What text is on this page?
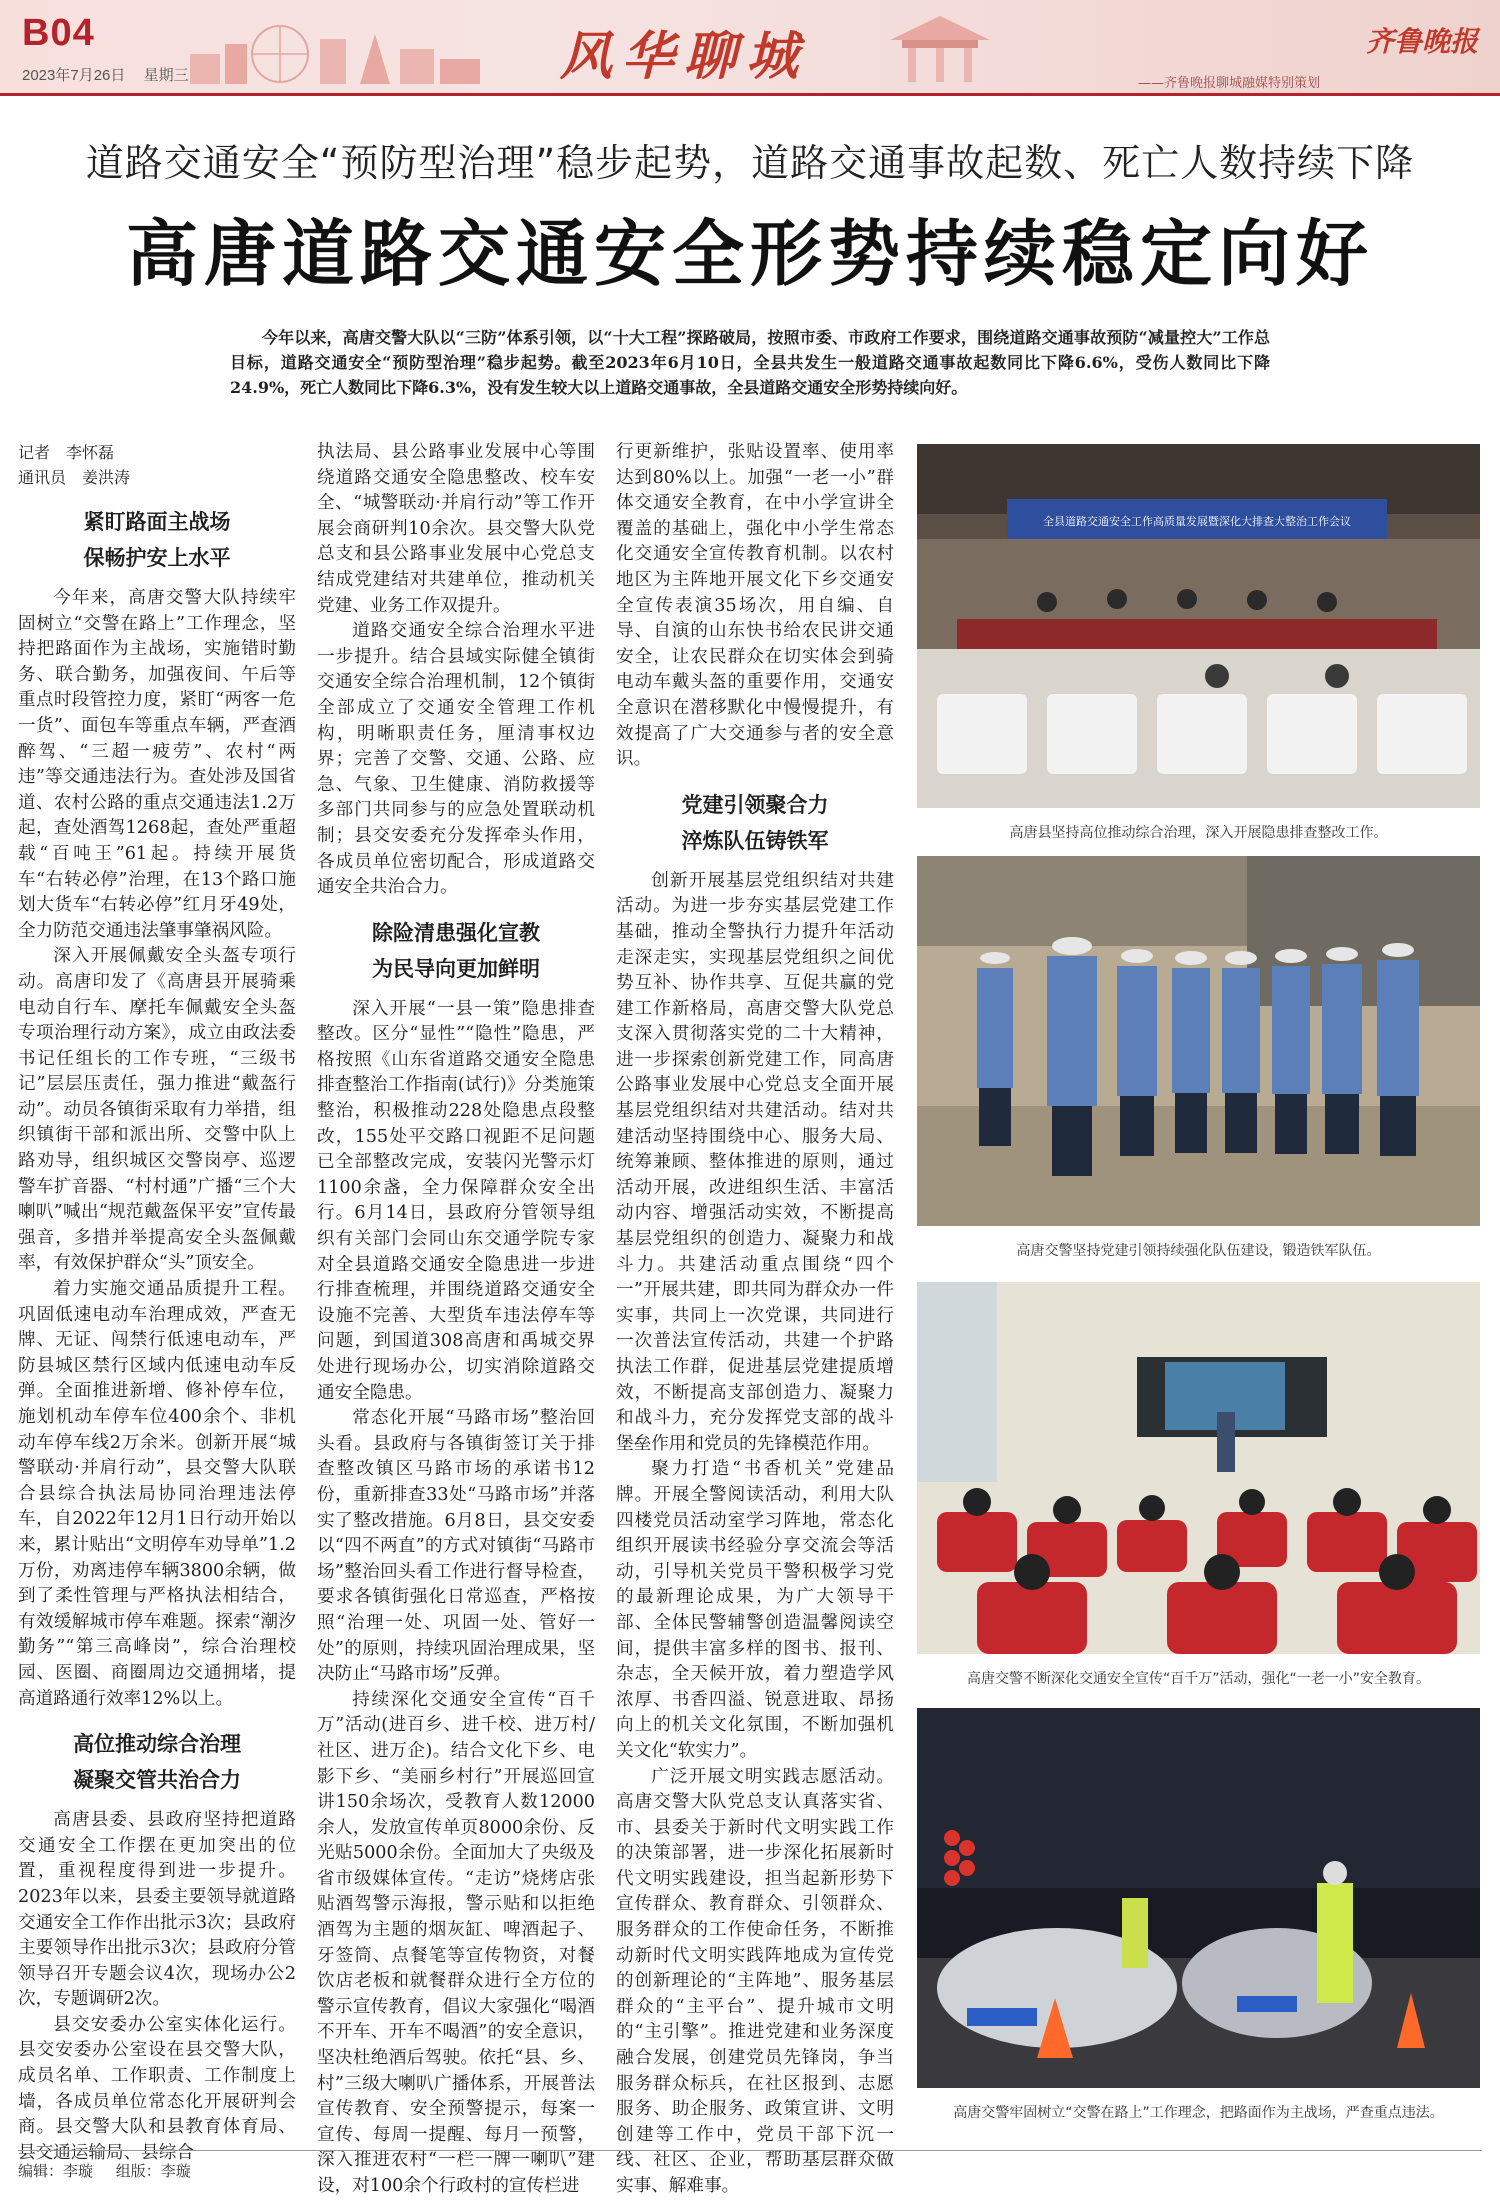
B04
2023年7月26日 星期三	风华聊城	齐鲁晚报
——齐鲁晚报聊城融媒特别策划
道路交通安全“预防型治理”稳步起势，道路交通事故起数、死亡人数持续下降
高唐道路交通安全形势持续稳定向好
今年以来，高唐交警大队以“三防”体系引领，以“十大工程”探路破局，按照市委、市政府工作要求，围绕道路交通事故预防“减量控大”工作总目标，道路交通安全“预防型治理”稳步起势。截至2023年6月10日，全县共发生一般道路交通事故起数同比下降6.6%，受伤人数同比下降24.9%，死亡人数同比下降6.3%，没有发生较大以上道路交通事故，全县道路交通安全形势持续向好。

记者　李怀磊

通讯员　姜洪涛

紧盯路面主战场
保畅护安上水平

今年来，高唐交警大队持续牢固树立“交警在路上”工作理念，坚持把路面作为主战场，实施错时勤务、联合勤务，加强夜间、午后等重点时段管控力度，紧盯“两客一危一货”、面包车等重点车辆，严查酒醉驾、“三超一疲劳”、农村“两违”等交通违法行为。查处涉及国省道、农村公路的重点交通违法1.2万起，查处酒驾1268起，查处严重超载“百吨王”61起。持续开展货车“右转必停”治理，在13个路口施划大货车“右转必停”红月牙49处，全力防范交通违法肇事肇祸风险。

深入开展佩戴安全头盔专项行动。高唐印发了《高唐县开展骑乘电动自行车、摩托车佩戴安全头盔专项治理行动方案》，成立由政法委书记任组长的工作专班，“三级书记”层层压责任，强力推进“戴盔行动”。动员各镇街采取有力举措，组织镇街干部和派出所、交警中队上路劝导，组织城区交警岗亭、巡逻警车扩音器、“村村通”广播“三个大喇叭”喊出“规范戴盔保平安”宣传最强音，多措并举提高安全头盔佩戴率，有效保护群众“头”顶安全。

着力实施交通品质提升工程。巩固低速电动车治理成效，严查无牌、无证、闯禁行低速电动车，严防县城区禁行区域内低速电动车反弹。全面推进新增、修补停车位，施划机动车停车位400余个、非机动车停车线2万余米。创新开展“城警联动·并肩行动”，县交警大队联合县综合执法局协同治理违法停车，自2022年12月1日行动开始以来，累计贴出“文明停车劝导单”1.2万份，劝离违停车辆3800余辆，做到了柔性管理与严格执法相结合，有效缓解城市停车难题。探索“潮汐勤务”“第三高峰岗”，综合治理校园、医圈、商圈周边交通拥堵，提高道路通行效率12%以上。

高位推动综合治理
凝聚交管共治合力

高唐县委、县政府坚持把道路交通安全工作摆在更加突出的位置，重视程度得到进一步提升。2023年以来，县委主要领导就道路交通安全工作作出批示3次；县政府主要领导作出批示3次；县政府分管领导召开专题会议4次，现场办公2次，专题调研2次。

县交安委办公室实体化运行。县交安委办公室设在县交警大队，成员名单、工作职责、工作制度上墙，各成员单位常态化开展研判会商。县交警大队和县教育体育局、县交通运输局、县综合

执法局、县公路事业发展中心等围绕道路交通安全隐患整改、校车安全、“城警联动·并肩行动”等工作开展会商研判10余次。县交警大队党总支和县公路事业发展中心党总支结成党建结对共建单位，推动机关党建、业务工作双提升。

道路交通安全综合治理水平进一步提升。结合县域实际健全镇街交通安全综合治理机制，12个镇街全部成立了交通安全管理工作机构，明晰职责任务，厘清事权边界；完善了交警、交通、公路、应急、气象、卫生健康、消防救援等多部门共同参与的应急处置联动机制；县交安委充分发挥牵头作用，各成员单位密切配合，形成道路交通安全共治合力。

除险清患强化宣教
为民导向更加鲜明

深入开展“一县一策”隐患排查整改。区分“显性”“隐性”隐患，严格按照《山东省道路交通安全隐患排查整治工作指南(试行)》分类施策整治，积极推动228处隐患点段整改，155处平交路口视距不足问题已全部整改完成，安装闪光警示灯1100余盏，全力保障群众安全出行。6月14日，县政府分管领导组织有关部门会同山东交通学院专家对全县道路交通安全隐患进一步进行排查梳理，并围绕道路交通安全设施不完善、大型货车违法停车等问题，到国道308高唐和禹城交界处进行现场办公，切实消除道路交通安全隐患。

常态化开展“马路市场”整治回头看。县政府与各镇街签订关于排查整改镇区马路市场的承诺书12份，重新排查33处“马路市场”并落实了整改措施。6月8日，县交安委以“四不两直”的方式对镇街“马路市场”整治回头看工作进行督导检查，要求各镇街强化日常巡查，严格按照“治理一处、巩固一处、管好一处”的原则，持续巩固治理成果，坚决防止“马路市场”反弹。

持续深化交通安全宣传“百千万”活动(进百乡、进千校、进万村/社区、进万企)。结合文化下乡、电影下乡、“美丽乡村行”开展巡回宣讲150余场次，受教育人数12000余人，发放宣传单页8000余份、反光贴5000余份。全面加大了央级及省市级媒体宣传。“走访”烧烤店张贴酒驾警示海报，警示贴和以拒绝酒驾为主题的烟灰缸、啤酒起子、牙签筒、点餐笔等宣传物资，对餐饮店老板和就餐群众进行全方位的警示宣传教育，倡议大家强化“喝酒不开车、开车不喝酒”的安全意识，坚决杜绝酒后驾驶。依托“县、乡、村”三级大喇叭广播体系，开展普法宣传教育、安全预警提示，每案一宣传、每周一提醒、每月一预警，深入推进农村“一栏一牌一喇叭”建设，对100余个行政村的宣传栏进

行更新维护，张贴设置率、使用率达到80%以上。加强“一老一小”群体交通安全教育，在中小学宣讲全覆盖的基础上，强化中小学生常态化交通安全宣传教育机制。以农村地区为主阵地开展文化下乡交通安全宣传表演35场次，用自编、自导、自演的山东快书给农民讲交通安全，让农民群众在切实体会到骑电动车戴头盔的重要作用，交通安全意识在潜移默化中慢慢提升，有效提高了广大交通参与者的安全意识。

党建引领聚合力
淬炼队伍铸铁军

创新开展基层党组织结对共建活动。为进一步夯实基层党建工作基础，推动全警执行力提升年活动走深走实，实现基层党组织之间优势互补、协作共享、互促共赢的党建工作新格局，高唐交警大队党总支深入贯彻落实党的二十大精神，进一步探索创新党建工作，同高唐公路事业发展中心党总支全面开展基层党组织结对共建活动。结对共建活动坚持围绕中心、服务大局、统筹兼顾、整体推进的原则，通过活动开展，改进组织生活、丰富活动内容、增强活动实效，不断提高基层党组织的创造力、凝聚力和战斗力。共建活动重点围绕“四个一”开展共建，即共同为群众办一件实事，共同上一次党课，共同进行一次普法宣传活动，共建一个护路执法工作群，促进基层党建提质增效，不断提高支部创造力、凝聚力和战斗力，充分发挥党支部的战斗堡垒作用和党员的先锋模范作用。

聚力打造“书香机关”党建品牌。开展全警阅读活动，利用大队四楼党员活动室学习阵地，常态化组织开展读书经验分享交流会等活动，引导机关党员干警积极学习党的最新理论成果，为广大领导干部、全体民警辅警创造温馨阅读空间，提供丰富多样的图书、报刊、杂志，全天候开放，着力塑造学风浓厚、书香四溢、锐意进取、昂扬向上的机关文化氛围，不断加强机关文化“软实力”。

广泛开展文明实践志愿活动。高唐交警大队党总支认真落实省、市、县委关于新时代文明实践工作的决策部署，进一步深化拓展新时代文明实践建设，担当起新形势下宣传群众、教育群众、引领群众、服务群众的工作使命任务，不断推动新时代文明实践阵地成为宣传党的创新理论的“主阵地”、服务基层群众的“主平台”、提升城市文明的“主引擎”。推进党建和业务深度融合发展，创建党员先锋岗，争当服务群众标兵，在社区报到、志愿服务、助企服务、政策宣讲、文明创建等工作中，党员干部下沉一线、社区、企业，帮助基层群众做实事、解难事。

全县道路交通安全工作高质量发展暨深化大排查大整治工作会议
高唐县坚持高位推动综合治理，深入开展隐患排查整改工作。
高唐交警坚持党建引领持续强化队伍建设，锻造铁军队伍。
高唐交警不断深化交通安全宣传“百千万”活动，强化“一老一小”安全教育。
高唐交警牢固树立“交警在路上”工作理念，把路面作为主战场，严查重点违法。
编辑：李璇 组版：李璇
